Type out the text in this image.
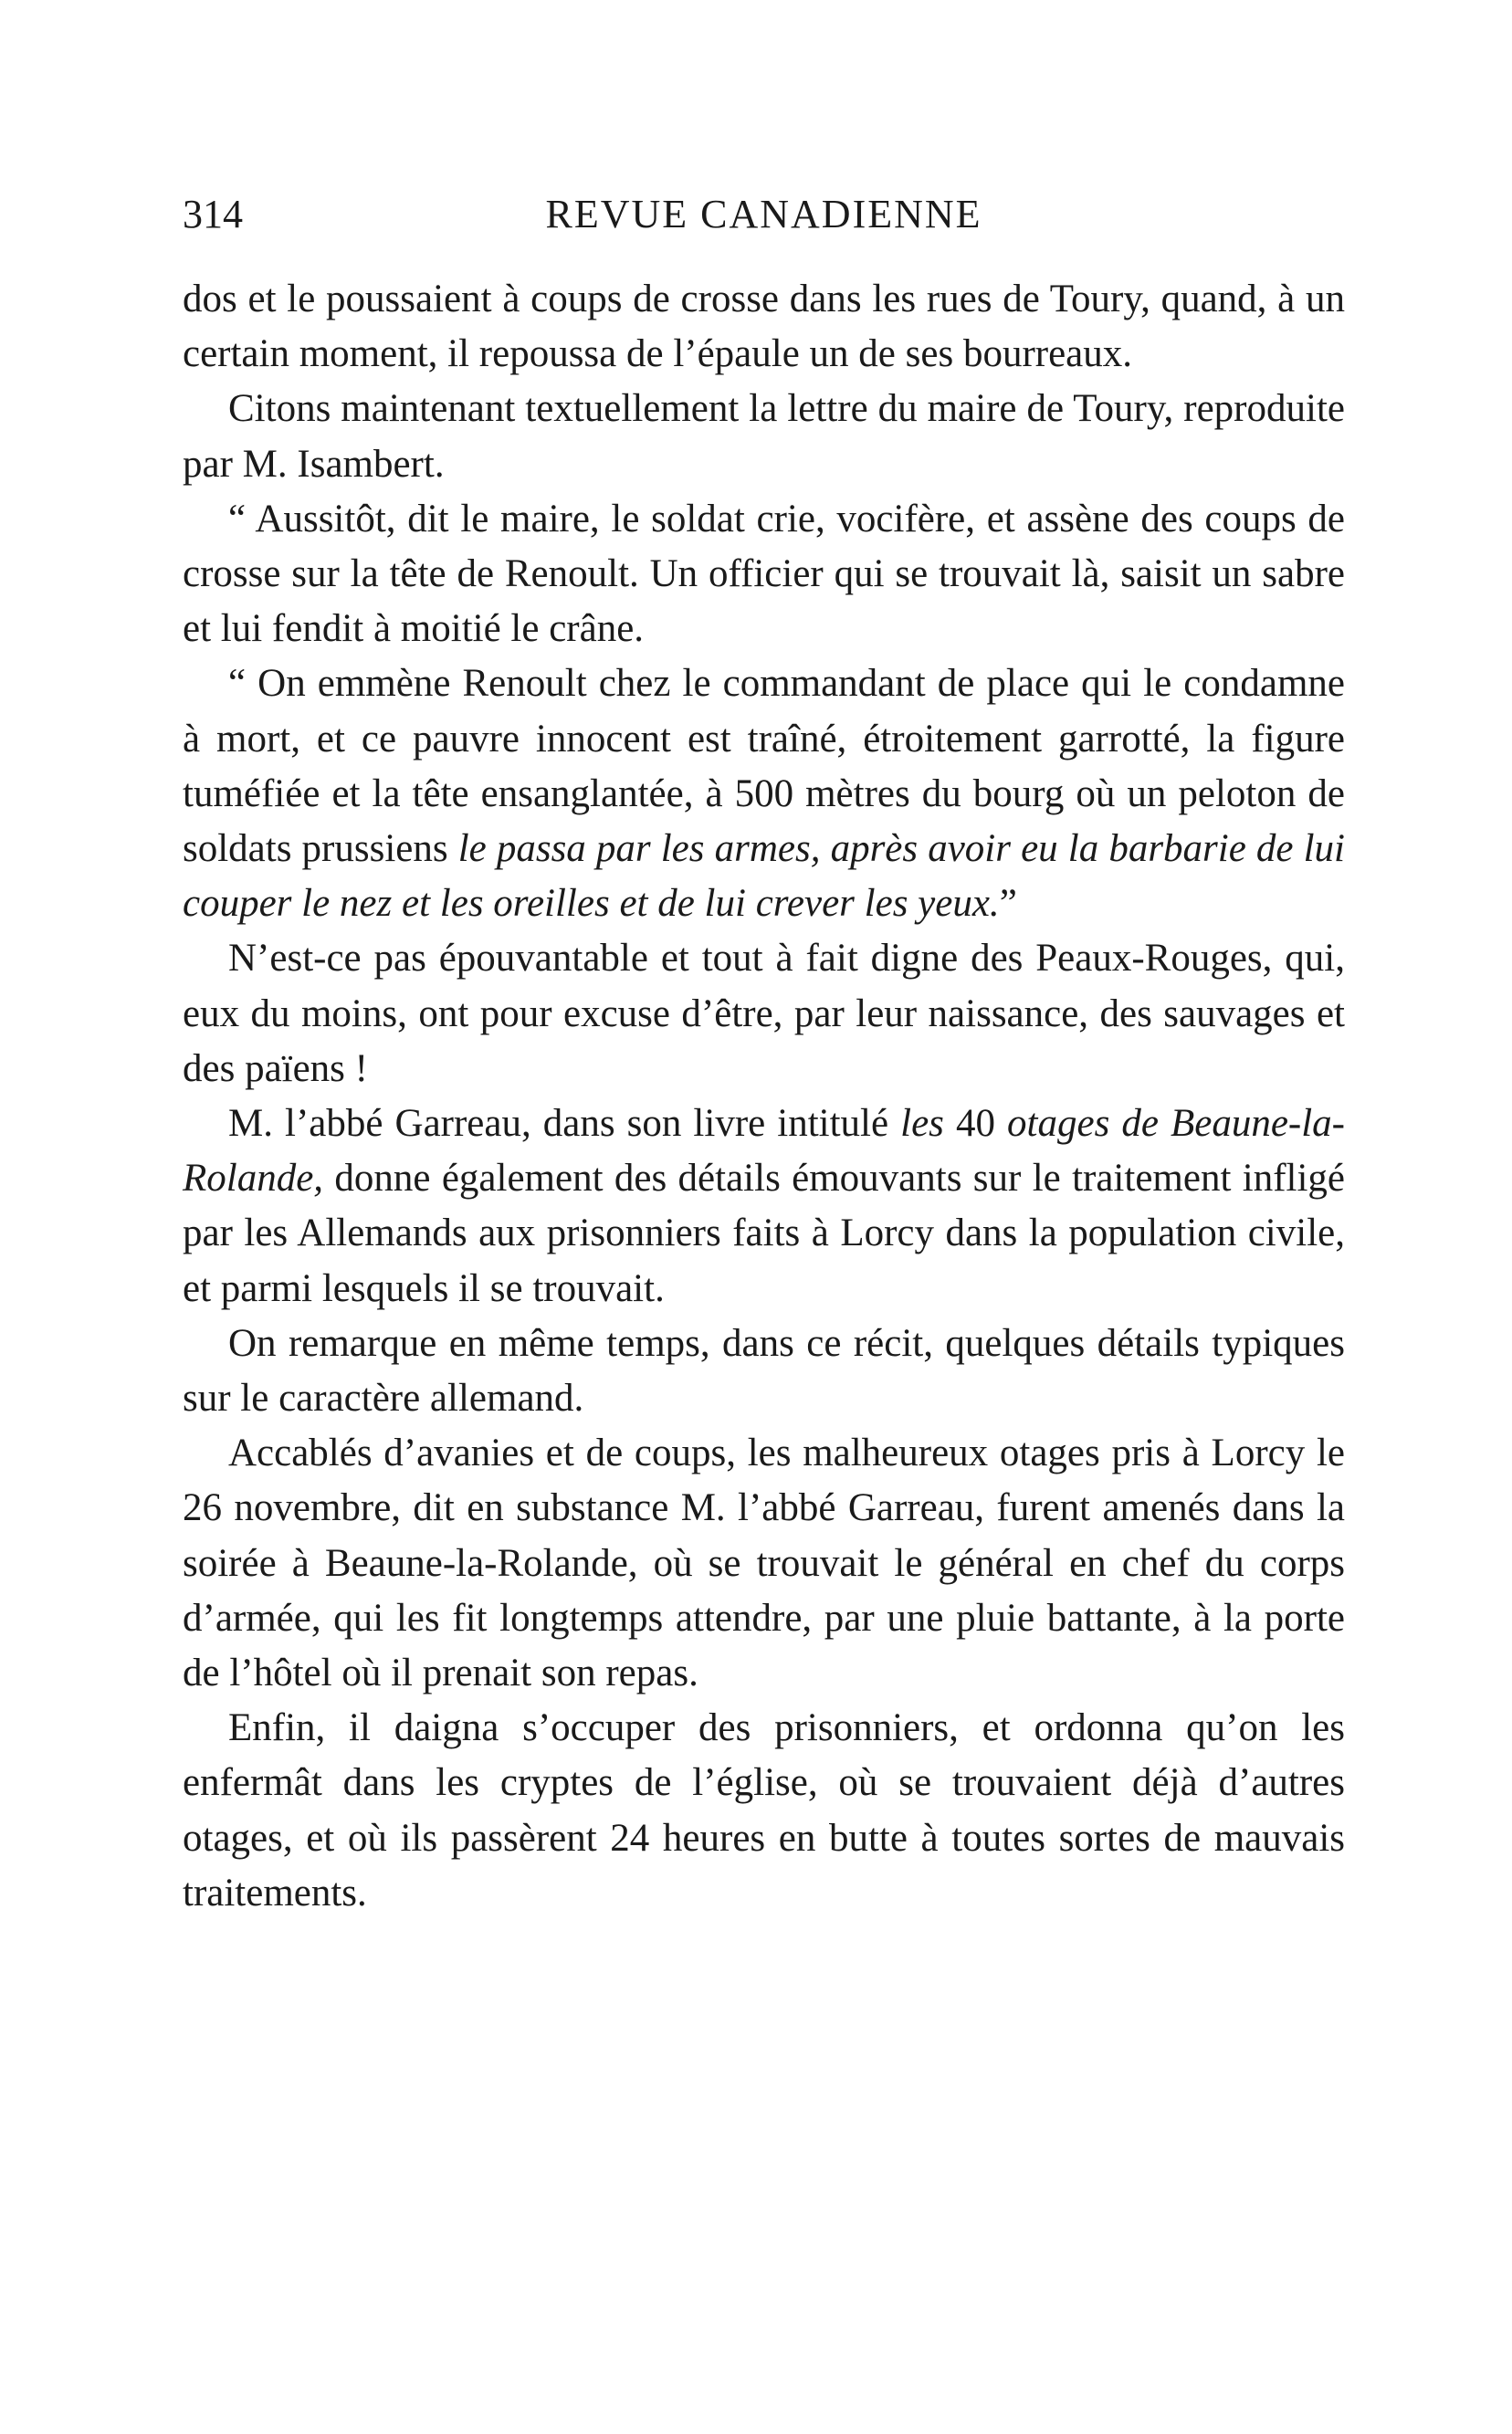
314	REVUE CANADIENNE

dos et le poussaient à coups de crosse dans les rues de Toury, quand, à un certain moment, il repoussa de l’épaule un de ses bourreaux.

Citons maintenant textuellement la lettre du maire de Toury, reproduite par M. Isambert.

“ Aussitôt, dit le maire, le soldat crie, vocifère, et assène des coups de crosse sur la tête de Renoult. Un officier qui se trouvait là, saisit un sabre et lui fendit à moitié le crâne.

“ On emmène Renoult chez le commandant de place qui le condamne à mort, et ce pauvre innocent est traîné, étroitement garrotté, la figure tuméfiée et la tête ensanglantée, à 500 mètres du bourg où un peloton de soldats prussiens le passa par les armes, après avoir eu la barbarie de lui couper le nez et les oreilles et de lui crever les yeux.”

N’est-ce pas épouvantable et tout à fait digne des Peaux-Rouges, qui, eux du moins, ont pour excuse d’être, par leur naissance, des sauvages et des païens !

M. l’abbé Garreau, dans son livre intitulé les 40 otages de Beaune-la-Rolande, donne également des détails émouvants sur le traitement infligé par les Allemands aux prisonniers faits à Lorcy dans la population civile, et parmi lesquels il se trouvait.

On remarque en même temps, dans ce récit, quelques détails typiques sur le caractère allemand.

Accablés d’avanies et de coups, les malheureux otages pris à Lorcy le 26 novembre, dit en substance M. l’abbé Garreau, furent amenés dans la soirée à Beaune-la-Rolande, où se trouvait le général en chef du corps d’armée, qui les fit longtemps attendre, par une pluie battante, à la porte de l’hôtel où il prenait son repas.

Enfin, il daigna s’occuper des prisonniers, et ordonna qu’on les enfermât dans les cryptes de l’église, où se trouvaient déjà d’autres otages, et où ils passèrent 24 heures en butte à toutes sortes de mauvais traitements.
